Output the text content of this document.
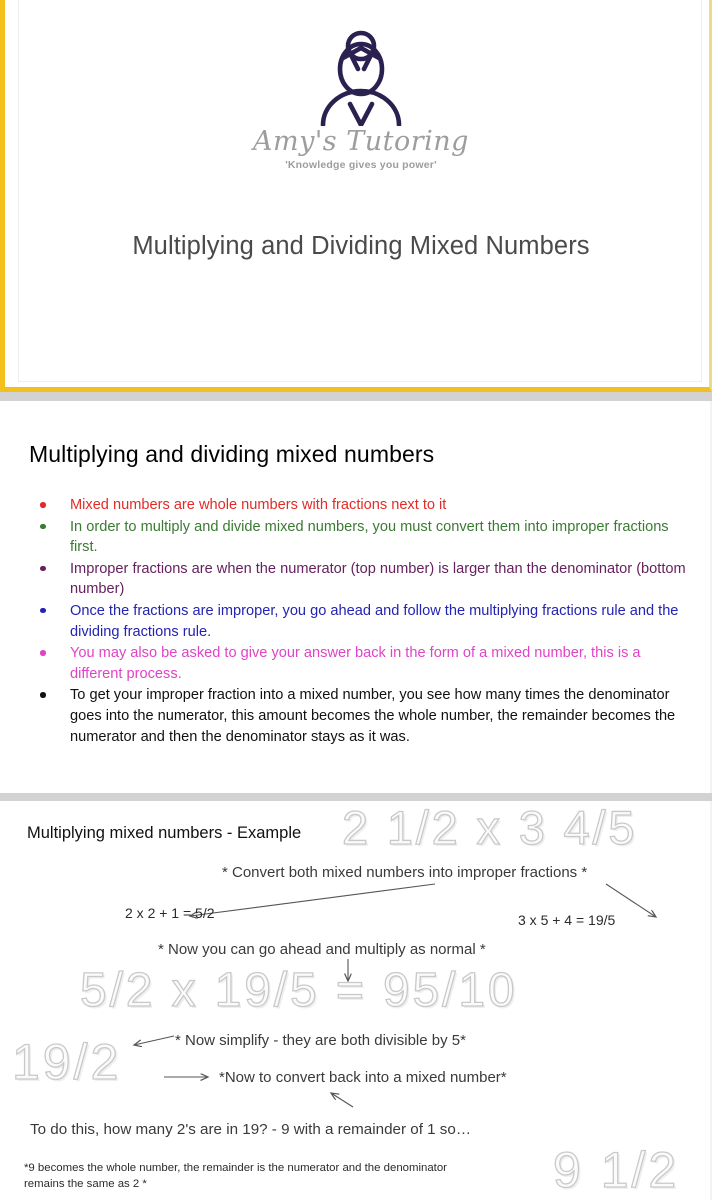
Amy's Tutoring
'Knowledge gives you power'
Multiplying and Dividing Mixed Numbers
Multiplying and dividing mixed numbers
Mixed numbers are whole numbers with fractions next to it
In order to multiply and divide mixed numbers, you must convert them into improper fractions first.
Improper fractions are when the numerator (top number) is larger than the denominator (bottom number)
Once the fractions are improper, you go ahead and follow the multiplying fractions rule and the dividing fractions rule.
You may also be asked to give your answer back in the form of a mixed number, this is a different process.
To get your improper fraction into a mixed number, you see how many times the denominator goes into the numerator, this amount becomes the whole number, the remainder becomes the numerator and then the denominator stays as it was.
2 1/2 x 3 4/5
Multiplying mixed numbers - Example
* Convert both mixed numbers into improper fractions *
2 x 2 + 1 = 5/2	3 x 5 + 4 = 19/5
* Now you can go ahead and multiply as normal *
5/2 x 19/5 = 95/10
* Now simplify - they are both divisible by 5*
19/2	*Now to convert back into a mixed number*
To do this, how many 2's are in 19? - 9 with a remainder of 1 so…
*9 becomes the whole number, the remainder is the numerator and the denominator remains the same as 2 *	9 1/2
